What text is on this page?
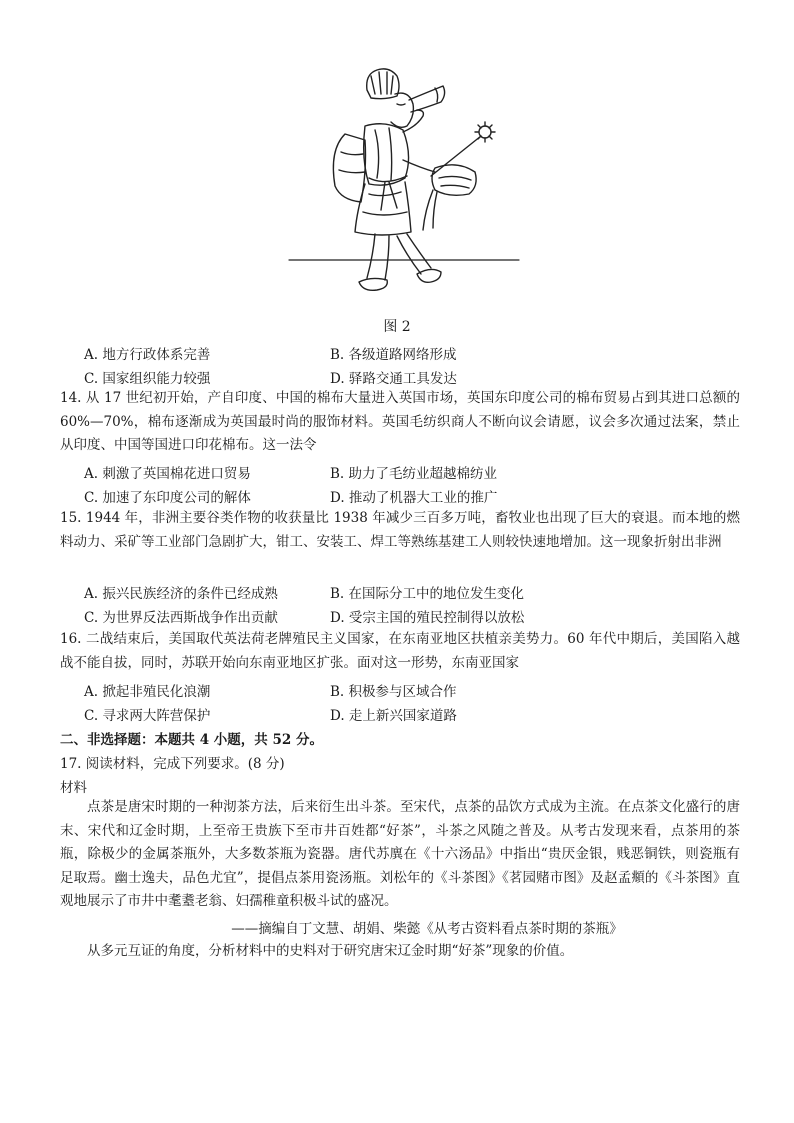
图 2
A. 地方行政体系完善	B. 各级道路网络形成
C. 国家组织能力较强	D. 驿路交通工具发达
14. 从 17 世纪初开始，产自印度、中国的棉布大量进入英国市场，英国东印度公司的棉布贸易占到其进口总额的 60%—70%，棉布逐渐成为英国最时尚的服饰材料。英国毛纺织商人不断向议会请愿，议会多次通过法案，禁止从印度、中国等国进口印花棉布。这一法令
A. 刺激了英国棉花进口贸易	B. 助力了毛纺业超越棉纺业
C. 加速了东印度公司的解体	D. 推动了机器大工业的推广
15. 1944 年，非洲主要谷类作物的收获量比 1938 年减少三百多万吨，畜牧业也出现了巨大的衰退。而本地的燃料动力、采矿等工业部门急剧扩大，钳工、安装工、焊工等熟练基建工人则较快速地增加。这一现象折射出非洲
A. 振兴民族经济的条件已经成熟	B. 在国际分工中的地位发生变化
C. 为世界反法西斯战争作出贡献	D. 受宗主国的殖民控制得以放松
16. 二战结束后，美国取代英法荷老牌殖民主义国家，在东南亚地区扶植亲美势力。60 年代中期后，美国陷入越战不能自拔，同时，苏联开始向东南亚地区扩张。面对这一形势，东南亚国家
A. 掀起非殖民化浪潮	B. 积极参与区域合作
C. 寻求两大阵营保护	D. 走上新兴国家道路
二、非选择题：本题共 4 小题，共 52 分。
17. 阅读材料，完成下列要求。(8 分)
材料
点茶是唐宋时期的一种沏茶方法，后来衍生出斗茶。至宋代，点茶的品饮方式成为主流。在点茶文化盛行的唐末、宋代和辽金时期，上至帝王贵族下至市井百姓都“好茶”，斗茶之风随之普及。从考古发现来看，点茶用的茶瓶，除极少的金属茶瓶外，大多数茶瓶为瓷器。唐代苏廙在《十六汤品》中指出“贵厌金银，贱恶铜铁，则瓷瓶有足取焉。幽士逸夫，品色尤宜”，提倡点茶用瓷汤瓶。刘松年的《斗茶图》《茗园赌市图》及赵孟頫的《斗茶图》直观地展示了市井中耄耋老翁、妇孺稚童积极斗试的盛况。
——摘编自丁文慧、胡娟、柴懿《从考古资料看点茶时期的茶瓶》
从多元互证的角度，分析材料中的史料对于研究唐宋辽金时期“好茶”现象的价值。
